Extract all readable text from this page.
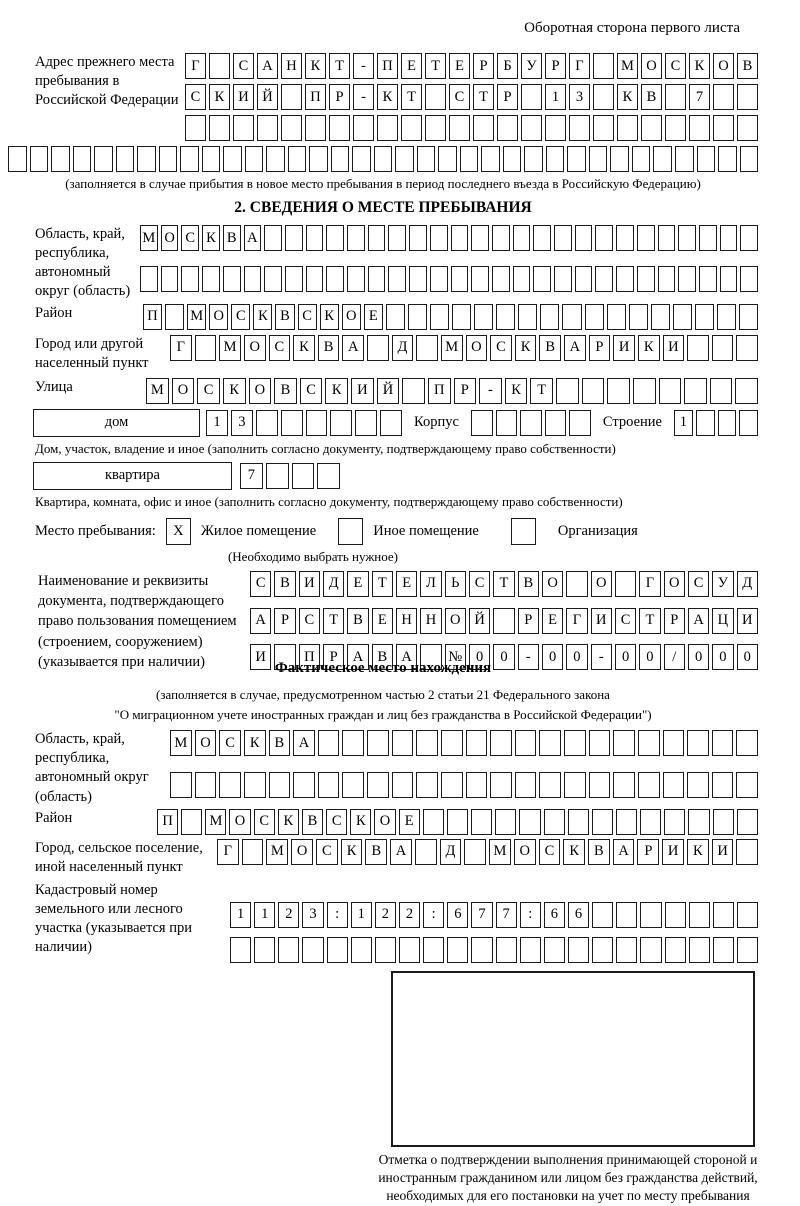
Оборотная сторона первого листа
Адрес прежнего места пребывания в Российской Федерации
Г	С А Н К	Т	-	П Е	Т	Е	Р	Б	У	Р	Г	М О С К О В
С К И Й	П	Р	-	К	Т	С	Т	Р	1	3	К В	7
(заполняется в случае прибытия в новое место пребывания в период последнего въезда в Российскую Федерацию)
2. СВЕДЕНИЯ О МЕСТЕ ПРЕБЫВАНИЯ
Область, край, республика, автономный округ (область)
М О С К В А
Район	П М О С К В С К О Е
Город или другой населенный пункт
Г	М О	С	К	В	А	Д	М О	С	К	В	А	Р	И	К	И
Улица	М О	С	К	О	В	С	К	И	Й	П	Р	-	К	Т
дом	1	3	Корпус	Строение	1
Дом, участок, владение и иное (заполнить согласно документу, подтверждающему право собственности)
квартира	7
Квартира, комната, офис и иное (заполнить согласно документу, подтверждающему право собственности)
Место пребывания:	X	Жилое помещение	Иное помещение	Организация
(Необходимо выбрать нужное)
Наименование и реквизиты документа, подтверждающего право пользования помещением (строением, сооружением) (указывается при наличии)
С	В И Д	Е	Т	Е	Л	Ь	С	Т	В О	О	Г	О С У Д
А	Р	С	Т	В	Е	Н Н О Й	Р	Е	Г	И С	Т	Р	А Ц И
И	П	Р	А В А	№ 0	0	-	0	0	-	0	0	/	0	0	0
Фактическое место нахождения
(заполняется в случае, предусмотренном частью 2 статьи 21 Федерального закона
"О миграционном учете иностранных граждан и лиц без гражданства в Российской Федерации")
Область, край, республика, автономный округ (область)
М О	С	К	В	А
Район	П	М О С К В С К О Е
Город, сельское поселение, иной населенный пункт
Г	М О	С	К	В	А	Д	М О	С	К	В	А	Р	И	К	И
Кадастровый номер земельного или лесного участка (указывается при наличии)
1	1	2	3	:	1	2	2	:	6	7	7	:	6	6
Отметка о подтверждении выполнения принимающей стороной и иностранным гражданином или лицом без гражданства действий, необходимых для его постановки на учет по месту пребывания
